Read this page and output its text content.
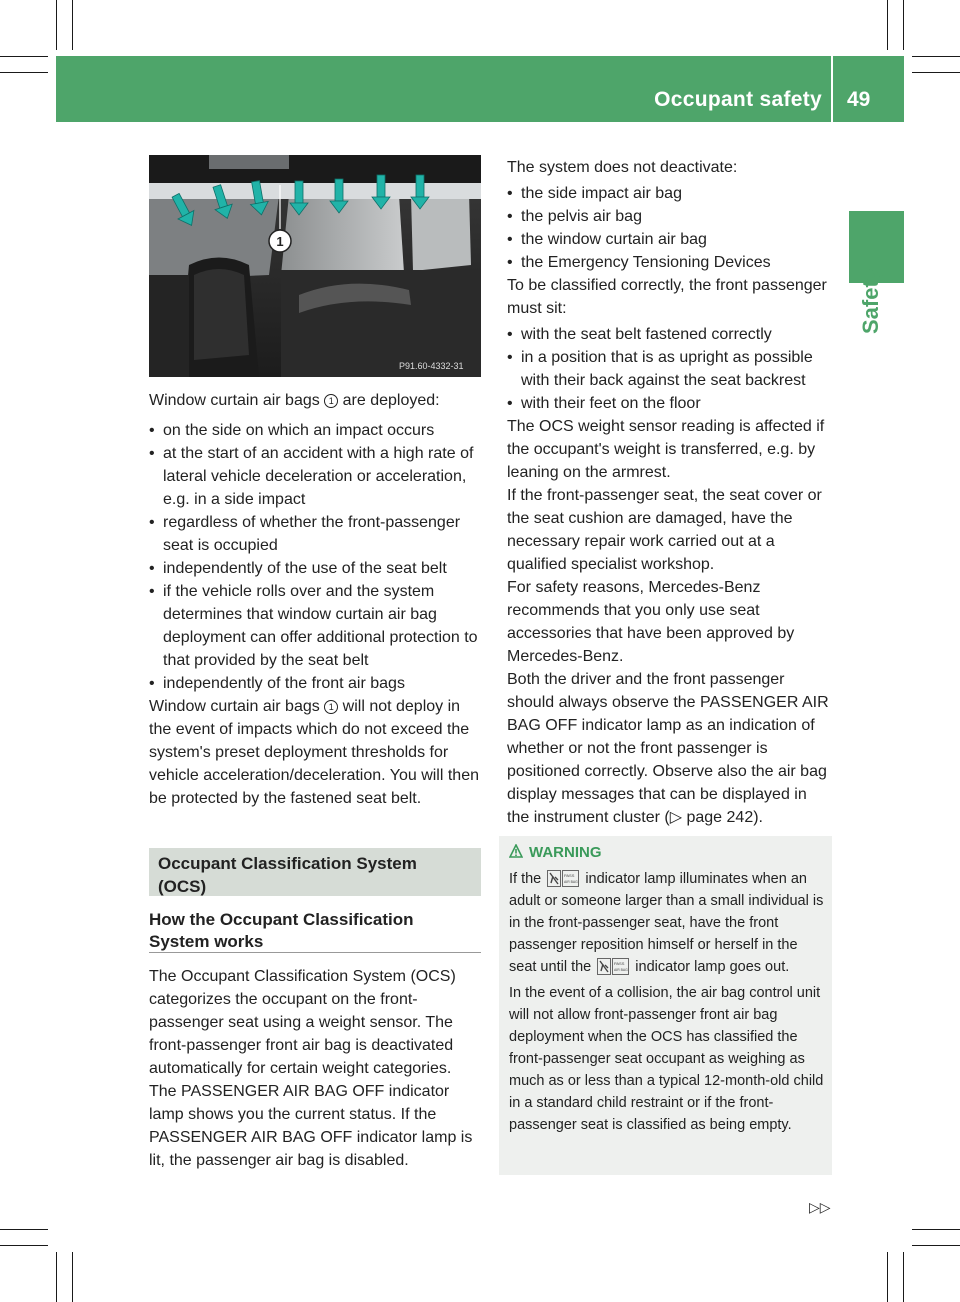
Occupant safety 49
Safety
P91.60-4332-31
1

Window curtain air bags 1 are deployed:

• on the side on which an impact occurs

• at the start of an accident with a high rate of lateral vehicle deceleration or acceleration, e.g. in a side impact

• regardless of whether the front-passenger seat is occupied

• independently of the use of the seat belt

• if the vehicle rolls over and the system determines that window curtain air bag deployment can offer additional protection to that provided by the seat belt

• independently of the front air bags

Window curtain air bags 1 will not deploy in the event of impacts which do not exceed the system's preset deployment thresholds for vehicle acceleration/deceleration. You will then be protected by the fastened seat belt.

Occupant Classification System (OCS)
How the Occupant Classification System works
The Occupant Classification System (OCS) categorizes the occupant on the front-passenger seat using a weight sensor. The front-passenger front air bag is deactivated automatically for certain weight categories. The PASSENGER AIR BAG OFF indicator lamp shows you the current status. If the PASSENGER AIR BAG OFF indicator lamp is lit, the passenger air bag is disabled.

The system does not deactivate:

• the side impact air bag

• the pelvis air bag

• the window curtain air bag

• the Emergency Tensioning Devices

To be classified correctly, the front passenger must sit:

• with the seat belt fastened correctly

• in a position that is as upright as possible with their back against the seat backrest

• with their feet on the floor

The OCS weight sensor reading is affected if the occupant's weight is transferred, e.g. by leaning on the armrest.

If the front-passenger seat, the seat cover or the seat cushion are damaged, have the necessary repair work carried out at a qualified specialist workshop.

For safety reasons, Mercedes-Benz recommends that you only use seat accessories that have been approved by Mercedes-Benz.

Both the driver and the front passenger should always observe the PASSENGER AIR BAG OFF indicator lamp as an indication of whether or not the front passenger is positioned correctly. Observe also the air bag display messages that can be displayed in the instrument cluster (▷ page 242).

WARNING
If the	PASS
AIR BAG indicator lamp illuminates when an adult or someone larger than a small individual is in the front-passenger seat, have the front passenger reposition himself or herself in the seat until the	PASS
AIR BAG indicator lamp goes out.
In the event of a collision, the air bag control unit will not allow front-passenger front air bag deployment when the OCS has classified the front-passenger seat occupant as weighing as much as or less than a typical 12-month-old child in a standard child restraint or if the front-passenger seat is classified as being empty.
▷▷
